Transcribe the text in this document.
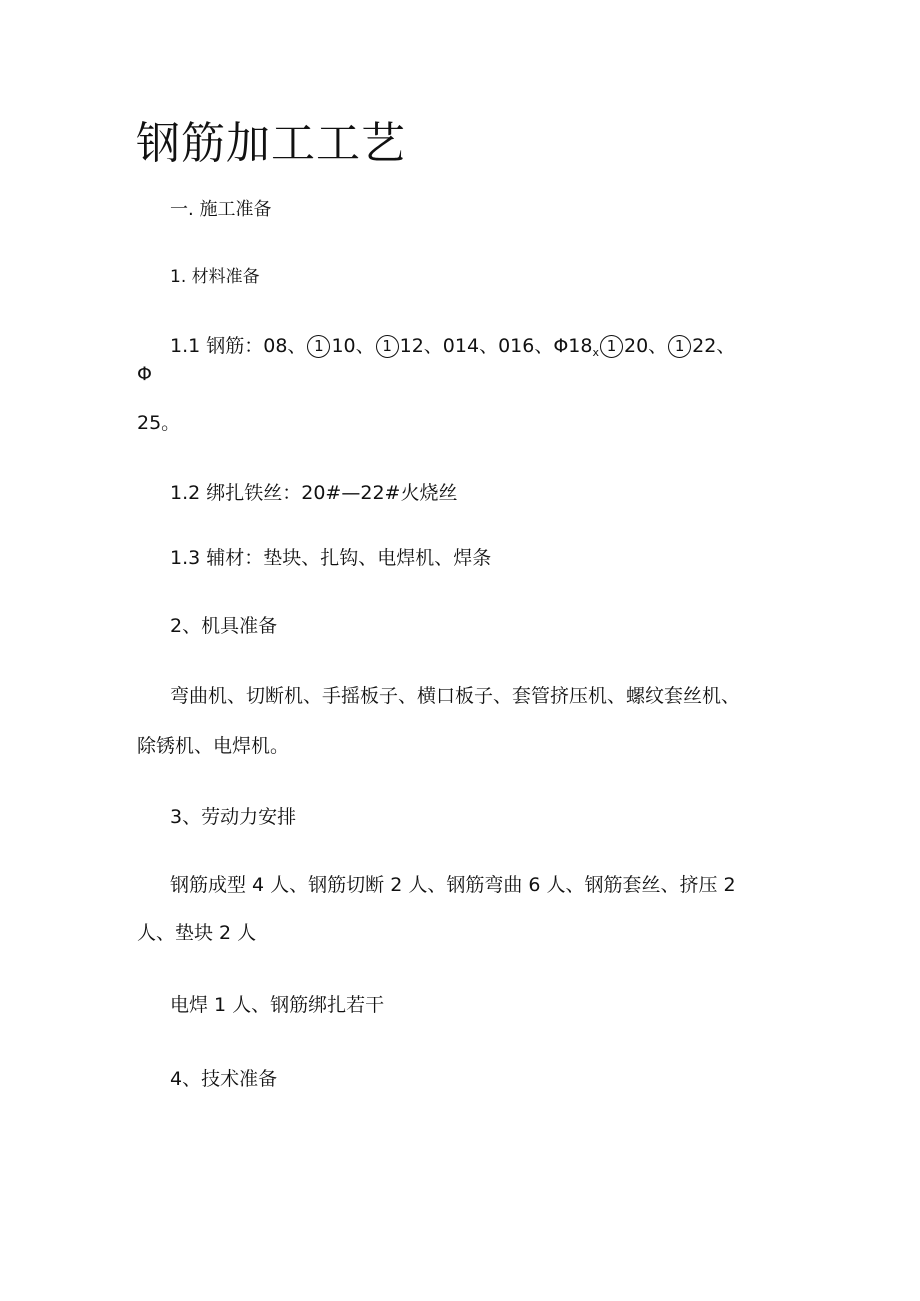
钢筋加工工艺
一. 施工准备
1. 材料准备
1.1 钢筋：08、 1 10、 1 12、014、016、$\Phi 18_x$ 1 20、 1 22、
Φ
25。
1.2 绑扎铁丝：20#—22#火烧丝
1.3 辅材：垫块、扎钩、电焊机、焊条
2、机具准备
弯曲机、切断机、手摇板子、横口板子、套管挤压机、螺纹套丝机、
除锈机、电焊机。
3、劳动力安排
钢筋成型 4 人、钢筋切断 2 人、钢筋弯曲 6 人、钢筋套丝、挤压 2
人、垫块 2 人
电焊 1 人、钢筋绑扎若干
4、技术准备
